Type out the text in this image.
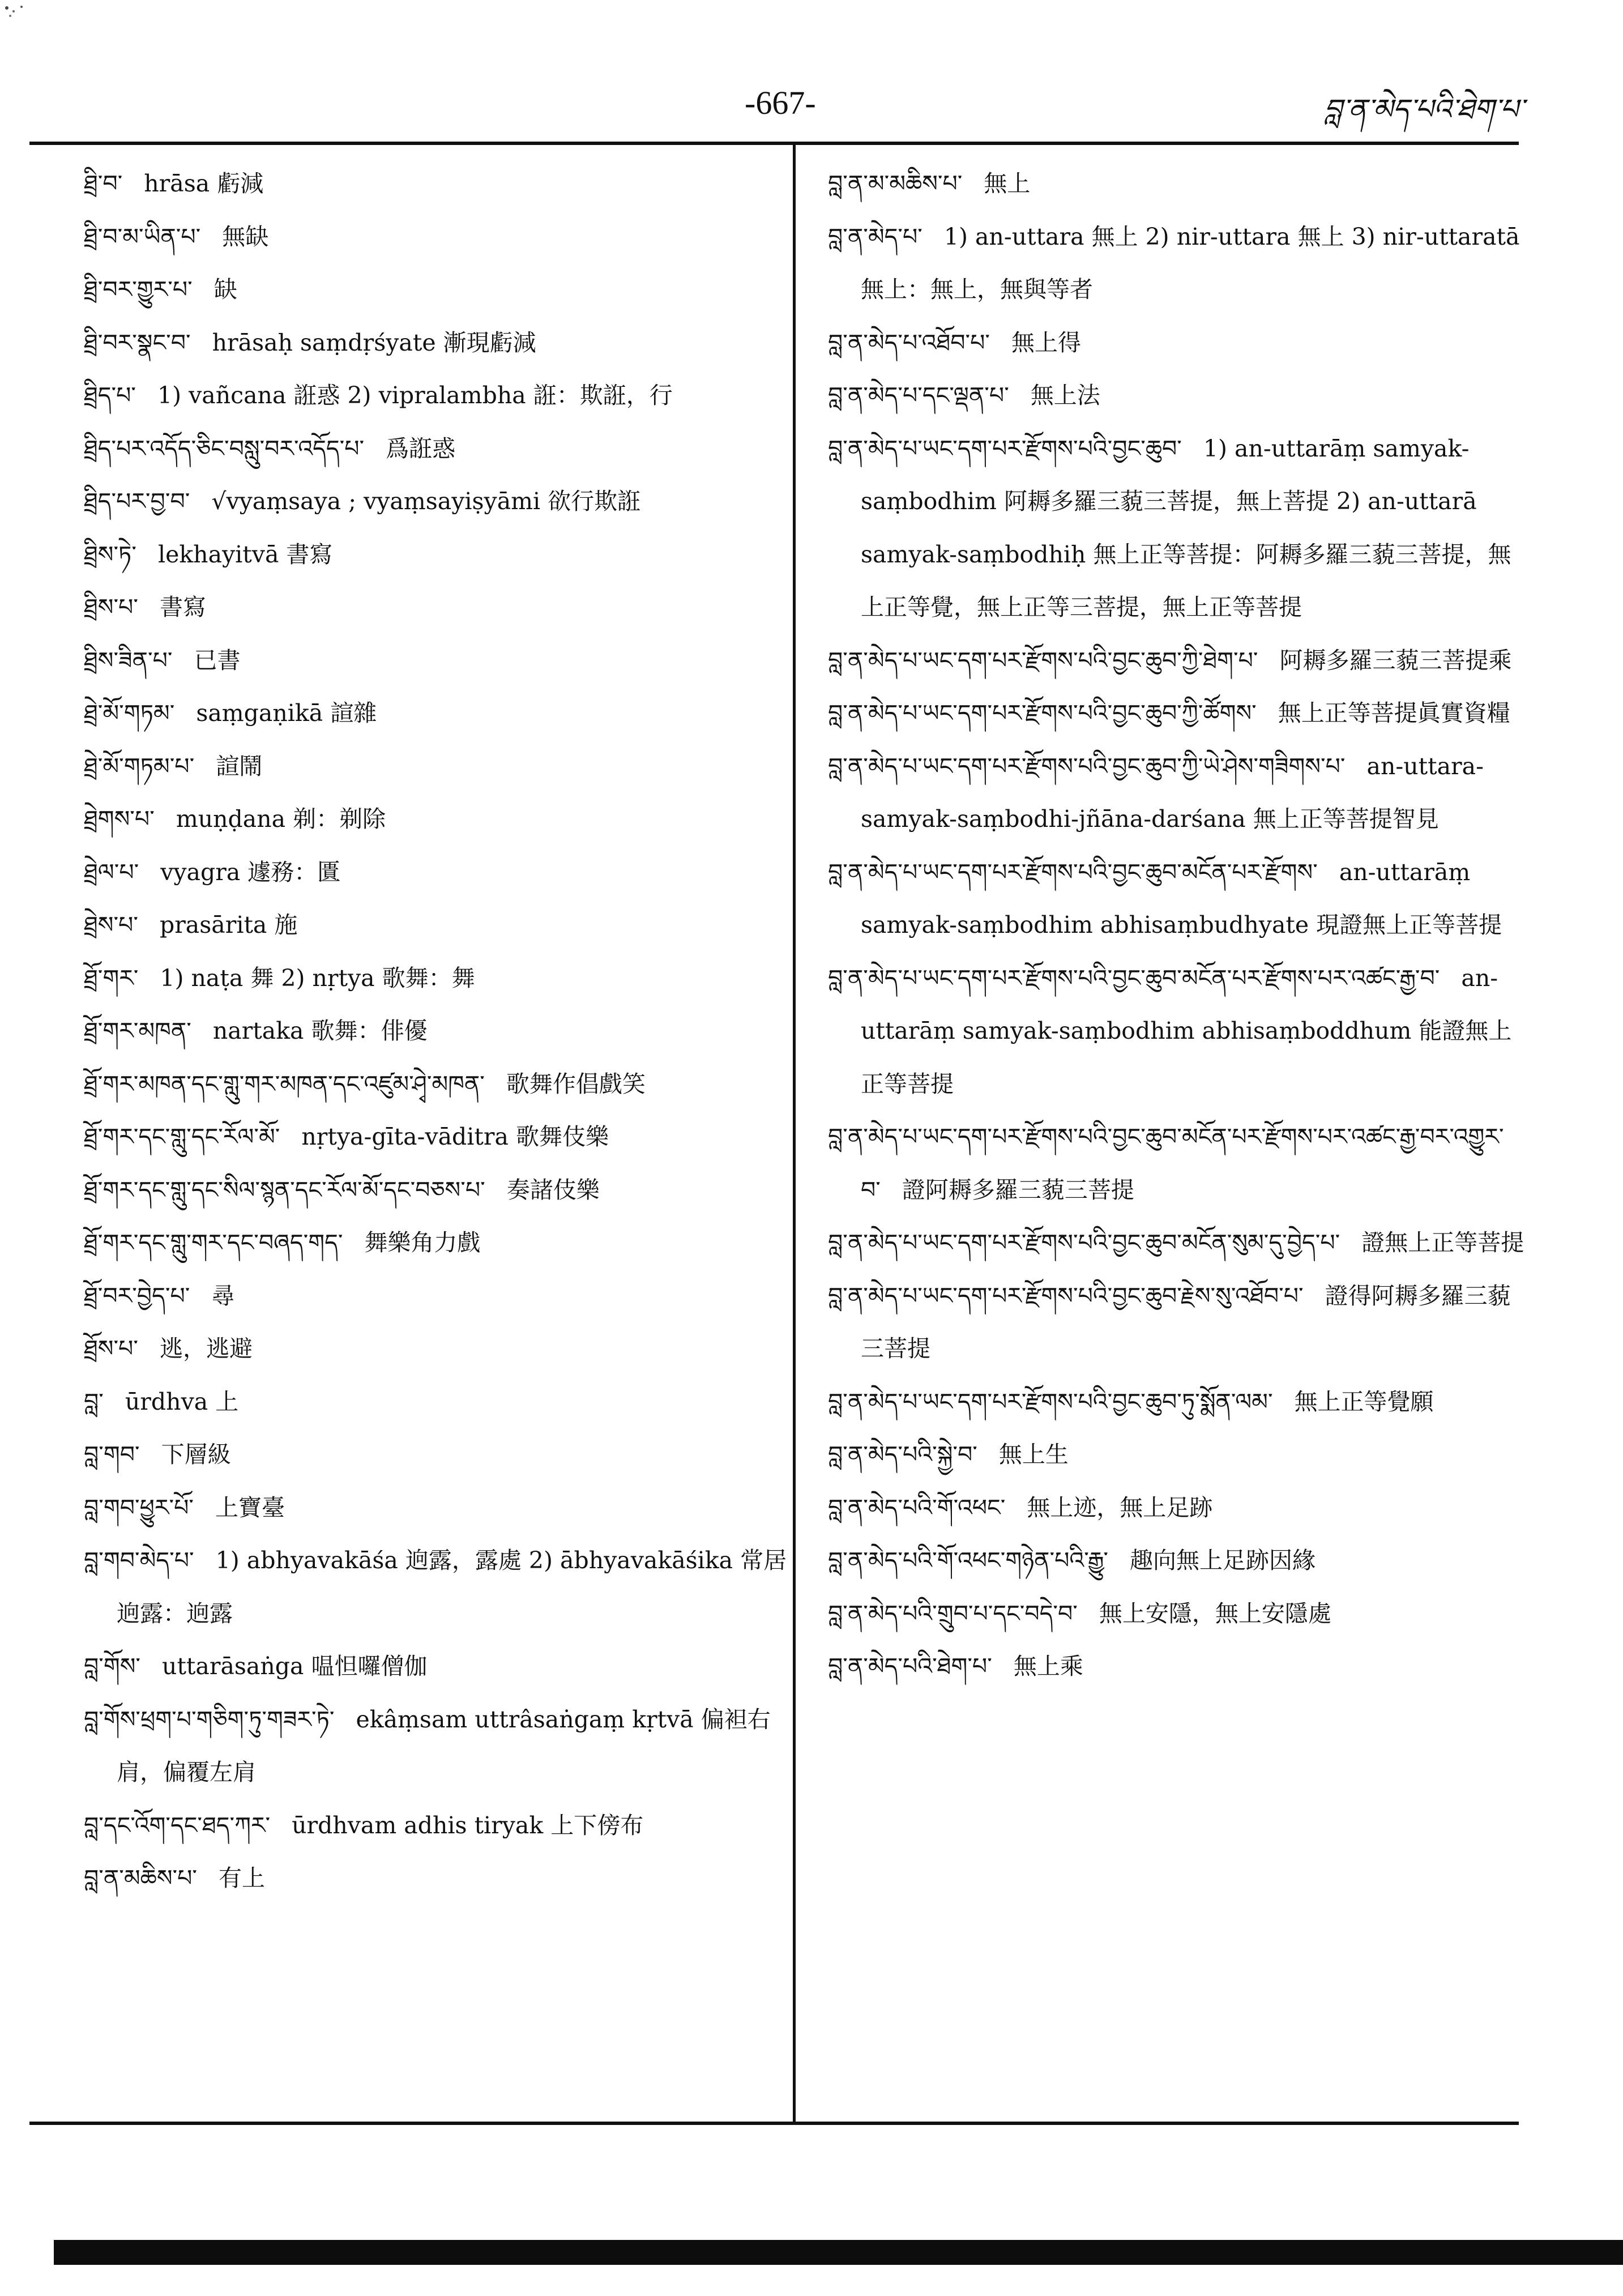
-667-	བླ་ན་མེད་པའི་ཐེག་པ་

ཐྲི་བ་ hrāsa 虧減

ཐྲི་བ་མ་ཡིན་པ་ 無缺

ཐྲི་བར་གྱུར་པ་ 缺

ཐྲི་བར་སྣང་བ་ hrāsaḥ saṃdṛśyate 漸現虧減

ཐྲིད་པ་ 1) vañcana 誑惑 2) vipralambha 誑：欺誑，行

ཐྲིད་པར་འདོད་ཅིང་བསླུ་བར་འདོད་པ་ 爲誑惑

ཐྲིད་པར་བྱ་བ་ √vyaṃsaya ; vyaṃsayiṣyāmi 欲行欺誑

ཐྲིས་ཏེ་ lekhayitvā 書寫

ཐྲིས་པ་ 書寫

ཐྲིས་ཟིན་པ་ 已書

ཐྲེ་མོ་གཏམ་ saṃgaṇikā 諠雜

ཐྲེ་མོ་གཏམ་པ་ 諠鬧

ཐྲེགས་པ་ muṇḍana 剃：剃除

ཐྲེལ་པ་ vyagra 遽務：匱

ཐྲེས་པ་ prasārita 施

ཐྲོ་གར་ 1) naṭa 舞 2) nṛtya 歌舞：舞

ཐྲོ་གར་མཁན་ nartaka 歌舞：俳優

ཐྲོ་གར་མཁན་དང་གླུ་གར་མཁན་དང་འཛུམ་ཤྭེ་མཁན་ 歌舞作倡戲笑

ཐྲོ་གར་དང་གླུ་དང་རོལ་མོ་ nṛtya-gīta-vāditra 歌舞伎樂

ཐྲོ་གར་དང་གླུ་དང་སིལ་སྙན་དང་རོལ་མོ་དང་བཅས་པ་ 奏諸伎樂

ཐྲོ་གར་དང་གླུ་གར་དང་བཞད་གད་ 舞樂角力戲

ཐྲོ་བར་བྱེད་པ་ 尋

ཐྲོས་པ་ 逃，逃避

བླ་ ūrdhva 上

བླ་གབ་ 下層級

བླ་གབ་ཕྱུར་པོ་ 上寶臺

བླ་གབ་མེད་པ་ 1) abhyavakāśa 逈露，露處 2) ābhyavakāśika 常居逈露：逈露

བླ་གོས་ uttarāsaṅga 嗢怛囉僧伽

བླ་གོས་ཕྲག་པ་གཅིག་ཏུ་གཟར་ཏེ་ ekâṃsam uttrâsaṅgaṃ kṛtvā 偏袒右肩，偏覆左肩

བླ་དང་འོག་དང་ཐད་ཀར་ ūrdhvam adhis tiryak 上下傍布

བླ་ན་མཆིས་པ་ 有上

བླ་ན་མ་མཆིས་པ་ 無上

བླ་ན་མེད་པ་ 1) an-uttara 無上 2) nir-uttara 無上 3) nir-uttaratā 無上：無上，無與等者

བླ་ན་མེད་པ་འཐོབ་པ་ 無上得

བླ་ན་མེད་པ་དང་ལྡན་པ་ 無上法

བླ་ན་མེད་པ་ཡང་དག་པར་རྫོགས་པའི་བྱང་ཆུབ་ 1) an-uttarāṃ samyak-saṃbodhim 阿耨多羅三藐三菩提，無上菩提 2) an-uttarā samyak-saṃbodhiḥ 無上正等菩提：阿耨多羅三藐三菩提，無上正等覺，無上正等三菩提，無上正等菩提

བླ་ན་མེད་པ་ཡང་དག་པར་རྫོགས་པའི་བྱང་ཆུབ་ཀྱི་ཐེག་པ་ 阿耨多羅三藐三菩提乘

བླ་ན་མེད་པ་ཡང་དག་པར་རྫོགས་པའི་བྱང་ཆུབ་ཀྱི་ཚོགས་ 無上正等菩提眞實資糧

བླ་ན་མེད་པ་ཡང་དག་པར་རྫོགས་པའི་བྱང་ཆུབ་ཀྱི་ཡེ་ཤེས་གཟིགས་པ་ an-uttara-samyak-saṃbodhi-jñāna-darśana 無上正等菩提智見

བླ་ན་མེད་པ་ཡང་དག་པར་རྫོགས་པའི་བྱང་ཆུབ་མངོན་པར་རྫོགས་ an-uttarāṃ samyak-saṃbodhim abhisaṃbudhyate 現證無上正等菩提

བླ་ན་མེད་པ་ཡང་དག་པར་རྫོགས་པའི་བྱང་ཆུབ་མངོན་པར་རྫོགས་པར་འཚང་རྒྱ་བ་ an-uttarāṃ samyak-saṃbodhim abhisaṃboddhum 能證無上正等菩提

བླ་ན་མེད་པ་ཡང་དག་པར་རྫོགས་པའི་བྱང་ཆུབ་མངོན་པར་རྫོགས་པར་འཚང་རྒྱ་བར་འགྱུར་བ་ 證阿耨多羅三藐三菩提

བླ་ན་མེད་པ་ཡང་དག་པར་རྫོགས་པའི་བྱང་ཆུབ་མངོན་སུམ་དུ་བྱེད་པ་ 證無上正等菩提

བླ་ན་མེད་པ་ཡང་དག་པར་རྫོགས་པའི་བྱང་ཆུབ་རྗེས་སུ་འཐོབ་པ་ 證得阿耨多羅三藐三菩提

བླ་ན་མེད་པ་ཡང་དག་པར་རྫོགས་པའི་བྱང་ཆུབ་ཏུ་སྨོན་ལམ་ 無上正等覺願

བླ་ན་མེད་པའི་སྐྱེ་བ་ 無上生

བླ་ན་མེད་པའི་གོ་འཕང་ 無上迹，無上足跡

བླ་ན་མེད་པའི་གོ་འཕང་གཉེན་པའི་རྒྱུ་ 趣向無上足跡因緣

བླ་ན་མེད་པའི་གྲུབ་པ་དང་བདེ་བ་ 無上安隱，無上安隱處

བླ་ན་མེད་པའི་ཐེག་པ་ 無上乘
